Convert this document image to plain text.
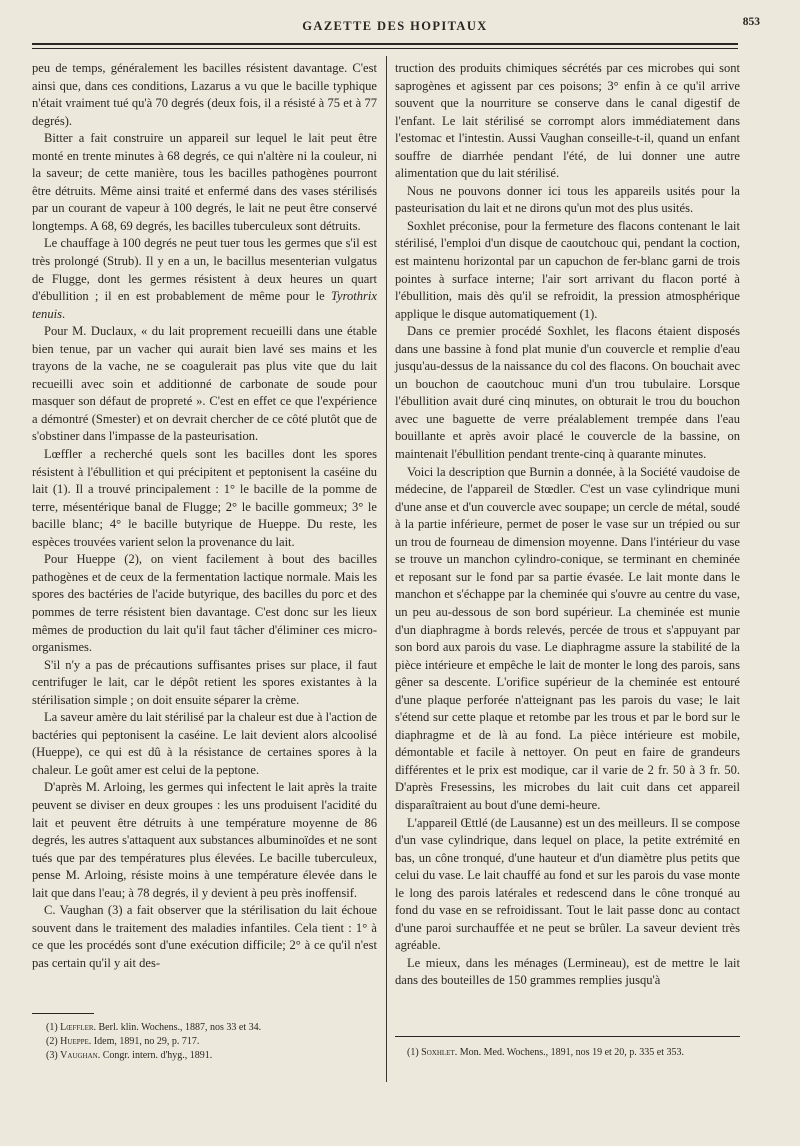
GAZETTE DES HOPITAUX	853

peu de temps, généralement les bacilles résistent davantage. C'est ainsi que, dans ces conditions, Lazarus a vu que le bacille typhique n'était vraiment tué qu'à 70 degrés (deux fois, il a résisté à 75 et à 77 degrés).

Bitter a fait construire un appareil sur lequel le lait peut être monté en trente minutes à 68 degrés, ce qui n'altère ni la couleur, ni la saveur; de cette manière, tous les bacilles pathogènes pourront être détruits. Même ainsi traité et enfermé dans des vases stérilisés par un courant de vapeur à 100 degrés, le lait ne peut être conservé longtemps. A 68, 69 degrés, les bacilles tuberculeux sont détruits.

Le chauffage à 100 degrés ne peut tuer tous les germes que s'il est très prolongé (Strub). Il y en a un, le bacillus mesenterian vulgatus de Flugge, dont les germes résistent à deux heures un quart d'ébullition ; il en est probablement de même pour le Tyrothrix tenuis.

Pour M. Duclaux, « du lait proprement recueilli dans une étable bien tenue, par un vacher qui aurait bien lavé ses mains et les trayons de la vache, ne se coagulerait pas plus vite que du lait recueilli avec soin et additionné de carbonate de soude pour masquer son défaut de propreté ». C'est en effet ce que l'expérience a démontré (Smester) et on devrait chercher de ce côté plutôt que de s'obstiner dans l'impasse de la pasteurisation.

Lœffler a recherché quels sont les bacilles dont les spores résistent à l'ébullition et qui précipitent et peptonisent la caséine du lait (1). Il a trouvé principalement : 1° le bacille de la pomme de terre, mésentérique banal de Flugge; 2° le bacille gommeux; 3° le bacille blanc; 4° le bacille butyrique de Hueppe. Du reste, les espèces trouvées varient selon la provenance du lait.

Pour Hueppe (2), on vient facilement à bout des bacilles pathogènes et de ceux de la fermentation lactique normale. Mais les spores des bactéries de l'acide butyrique, des bacilles du porc et des pommes de terre résistent bien davantage. C'est donc sur les lieux mêmes de production du lait qu'il faut tâcher d'éliminer ces micro-organismes.

S'il n'y a pas de précautions suffisantes prises sur place, il faut centrifuger le lait, car le dépôt retient les spores existantes à la stérilisation simple ; on doit ensuite séparer la crème.

La saveur amère du lait stérilisé par la chaleur est due à l'action de bactéries qui peptonisent la caséine. Le lait devient alors alcoolisé (Hueppe), ce qui est dû à la résistance de certaines spores à la chaleur. Le goût amer est celui de la peptone.

D'après M. Arloing, les germes qui infectent le lait après la traite peuvent se diviser en deux groupes : les uns produisent l'acidité du lait et peuvent être détruits à une température moyenne de 86 degrés, les autres s'attaquent aux substances albuminoïdes et ne sont tués que par des températures plus élevées. Le bacille tuberculeux, pense M. Arloing, résiste moins à une température élevée dans le lait que dans l'eau; à 78 degrés, il y devient à peu près inoffensif.

C. Vaughan (3) a fait observer que la stérilisation du lait échoue souvent dans le traitement des maladies infantiles. Cela tient : 1° à ce que les procédés sont d'une exécution difficile; 2° à ce qu'il n'est pas certain qu'il y ait des-

truction des produits chimiques sécrétés par ces microbes qui sont saprogènes et agissent par ces poisons; 3° enfin à ce qu'il arrive souvent que la nourriture se conserve dans le canal digestif de l'enfant. Le lait stérilisé se corrompt alors immédiatement dans l'estomac et l'intestin. Aussi Vaughan conseille-t-il, quand un enfant souffre de diarrhée pendant l'été, de lui donner une autre alimentation que du lait stérilisé.

Nous ne pouvons donner ici tous les appareils usités pour la pasteurisation du lait et ne dirons qu'un mot des plus usités.

Soxhlet préconise, pour la fermeture des flacons contenant le lait stérilisé, l'emploi d'un disque de caoutchouc qui, pendant la coction, est maintenu horizontal par un capuchon de fer-blanc garni de trois pointes à surface interne; l'air sort arrivant du flacon porté à l'ébullition, mais dès qu'il se refroidit, la pression atmosphérique applique le disque automatiquement (1).

Dans ce premier procédé Soxhlet, les flacons étaient disposés dans une bassine à fond plat munie d'un couvercle et remplie d'eau jusqu'au-dessus de la naissance du col des flacons. On bouchait avec un bouchon de caoutchouc muni d'un trou tubulaire. Lorsque l'ébullition avait duré cinq minutes, on obturait le trou du bouchon avec une baguette de verre préalablement trempée dans l'eau bouillante et après avoir placé le couvercle de la bassine, on maintenait l'ébullition pendant trente-cinq à quarante minutes.

Voici la description que Burnin a donnée, à la Société vaudoise de médecine, de l'appareil de Stœdler. C'est un vase cylindrique muni d'une anse et d'un couvercle avec soupape; un cercle de métal, soudé à la partie inférieure, permet de poser le vase sur un trépied ou sur un trou de fourneau de dimension moyenne. Dans l'intérieur du vase se trouve un manchon cylindro-conique, se terminant en cheminée et reposant sur le fond par sa partie évasée. Le lait monte dans le manchon et s'échappe par la cheminée qui s'ouvre au centre du vase, un peu au-dessous de son bord supérieur. La cheminée est munie d'un diaphragme à bords relevés, percée de trous et s'appuyant par son bord aux parois du vase. Le diaphragme assure la stabilité de la pièce intérieure et empêche le lait de monter le long des parois, sans gêner sa descente. L'orifice supérieur de la cheminée est entouré d'une plaque perforée n'atteignant pas les parois du vase; le lait s'étend sur cette plaque et retombe par les trous et par le bord sur le diaphragme et de là au fond. La pièce intérieure est mobile, démontable et facile à nettoyer. On peut en faire de grandeurs différentes et le prix est modique, car il varie de 2 fr. 50 à 3 fr. 50. D'après Fresessins, les microbes du lait cuit dans cet appareil disparaîtraient au bout d'une demi-heure.

L'appareil Œttlé (de Lausanne) est un des meilleurs. Il se compose d'un vase cylindrique, dans lequel on place, la petite extrémité en bas, un cône tronqué, d'une hauteur et d'un diamètre plus petits que celui du vase. Le lait chauffé au fond et sur les parois du vase monte le long des parois latérales et redescend dans le cône tronqué au fond du vase en se refroidissant. Tout le lait passe donc au contact d'une paroi surchauffée et ne peut se brûler. La saveur devient très agréable.

Le mieux, dans les ménages (Lermineau), est de mettre le lait dans des bouteilles de 150 grammes remplies jusqu'à

(1) Lœffler. Berl. klin. Wochens., 1887, nos 33 et 34.
(2) Hueppe. Idem, 1891, no 29, p. 717.
(3) Vaughan. Congr. intern. d'hyg., 1891.	(1) Soxhlet. Mon. Med. Wochens., 1891, nos 19 et 20, p. 335 et 353.
